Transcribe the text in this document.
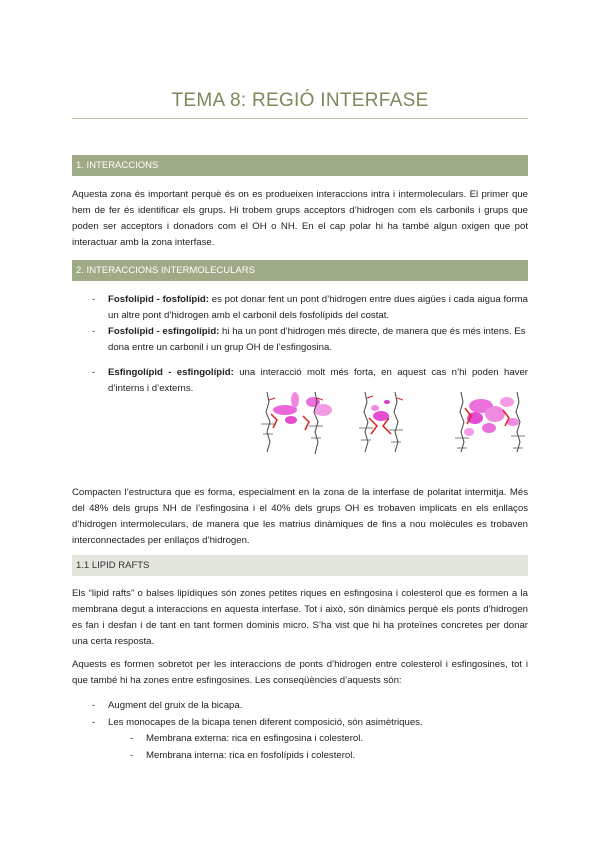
TEMA 8: REGIÓ INTERFASE
1. INTERACCIONS
Aquesta zona és important perquè és on es produeixen interaccions intra i intermoleculars. El primer que hem de fer és identificar els grups. Hi trobem grups acceptors d’hidrogen com els carbonils i grups que poden ser acceptors i donadors com el OH o NH. En el cap polar hi ha també algun oxigen que pot interactuar amb la zona interfase.
2. INTERACCIONS INTERMOLECULARS
- Fosfolípid - fosfolípid: es pot donar fent un pont d’hidrogen entre dues aigües i cada aigua forma un altre pont d’hidrogen amb el carbonil dels fosfolípids del costat.
- Fosfolípid - esfingolípid: hi ha un pont d’hidrogen més directe, de manera que és més intens. Es dona entre un carbonil i un grup OH de l’esfingosina.
- Esfingolípid - esfingolípid: una interacció molt més forta, en aquest cas n’hi poden haver d’interns i d’externs.
Compacten l’estructura que es forma, especialment en la zona de la interfase de polaritat intermitja. Més del 48% dels grups NH de l’esfingosina i el 40% dels grups OH es trobaven implicats en els enllaços d’hidrogen intermoleculars, de manera que les matrius dinàmiques de fins a nou molècules es trobaven interconnectades per enllaços d’hidrogen.
1.1 LIPID RAFTS
Els “lipid rafts” o balses lipídiques són zones petites riques en esfingosina i colesterol que es formen a la membrana degut a interaccions en aquesta interfase. Tot i això, són dinàmics perquè els ponts d’hidrogen es fan i desfan i de tant en tant formen dominis micro. S’ha vist que hi ha proteïnes concretes per donar una certa resposta.
Aquests es formen sobretot per les interaccions de ponts d’hidrogen entre colesterol i esfingosines, tot i que també hi ha zones entre esfingosines. Les conseqüències d’aquests són:
- Augment del gruix de la bicapa.
- Les monocapes de la bicapa tenen diferent composició, són asimètriques.
- Membrana externa: rica en esfingosina i colesterol.
- Membrana interna: rica en fosfolípids i colesterol.
